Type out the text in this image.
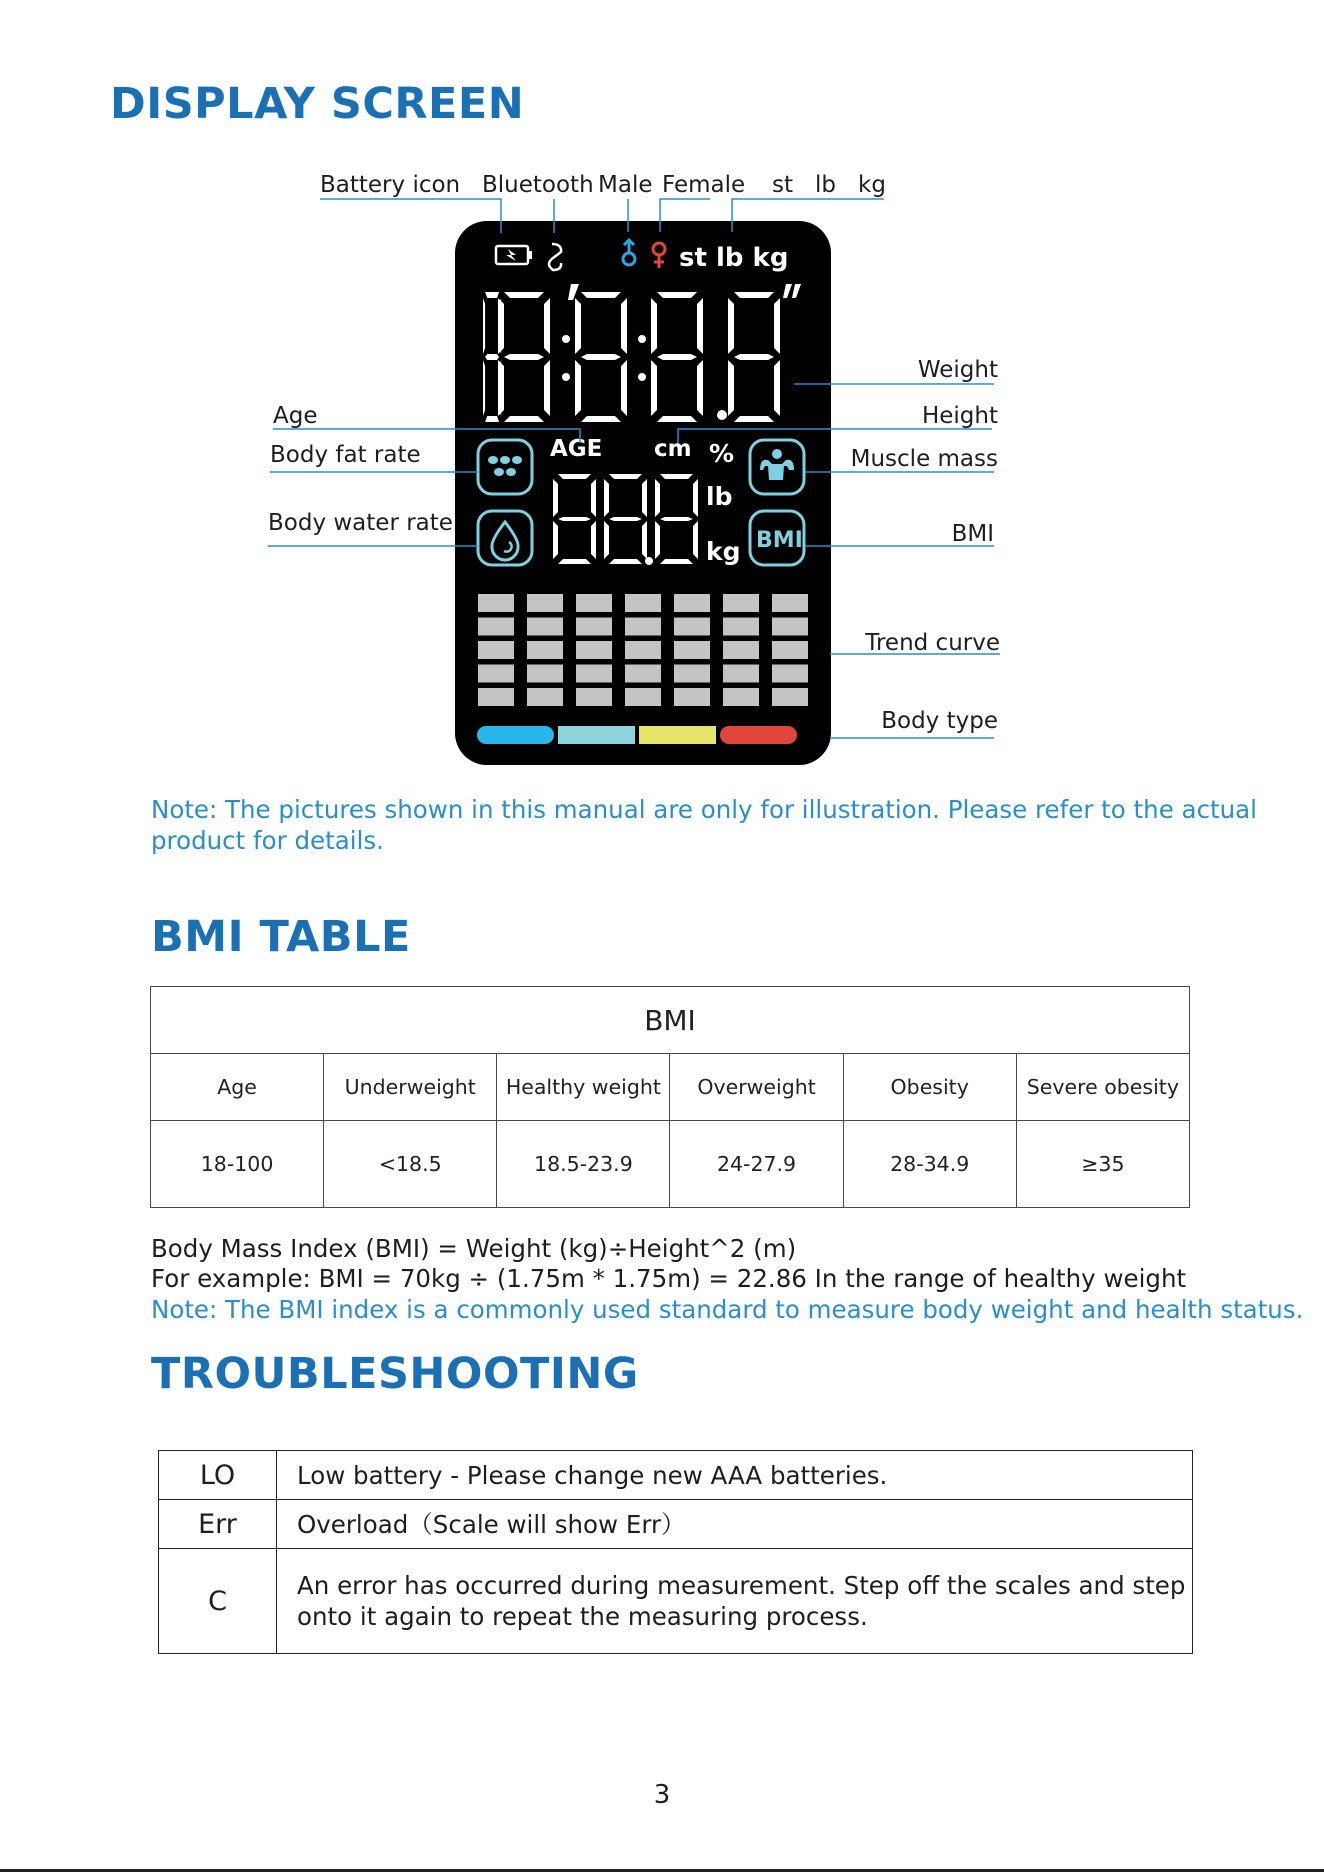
DISPLAY SCREEN
st lb kg
AGE cm %
lb
kg BMI
Battery icon Bluetooth Male Female st lb kg
Weight
Height
Age
Body fat rate	Muscle mass
Body water rate	BMI
Trend curve
Body type
Note: The pictures shown in this manual are only for illustration. Please refer to the actual product for details.
BMI TABLE
BMI					
Age	Underweight	Healthy weight	Overweight	Obesity	Severe obesity
18-100	<18.5	18.5-23.9	24-27.9	28-34.9	≥35
Body Mass Index (BMI) = Weight (kg)÷Height^2 (m)
For example: BMI = 70kg ÷ (1.75m * 1.75m) = 22.86 In the range of healthy weight
Note: The BMI index is a commonly used standard to measure body weight and health status.
TROUBLESHOOTING
LO	Low battery - Please change new AAA batteries.
Err	Overload（Scale will show Err）
C	An error has occurred during measurement. Step off the scales and step onto it again to repeat the measuring process.
3
